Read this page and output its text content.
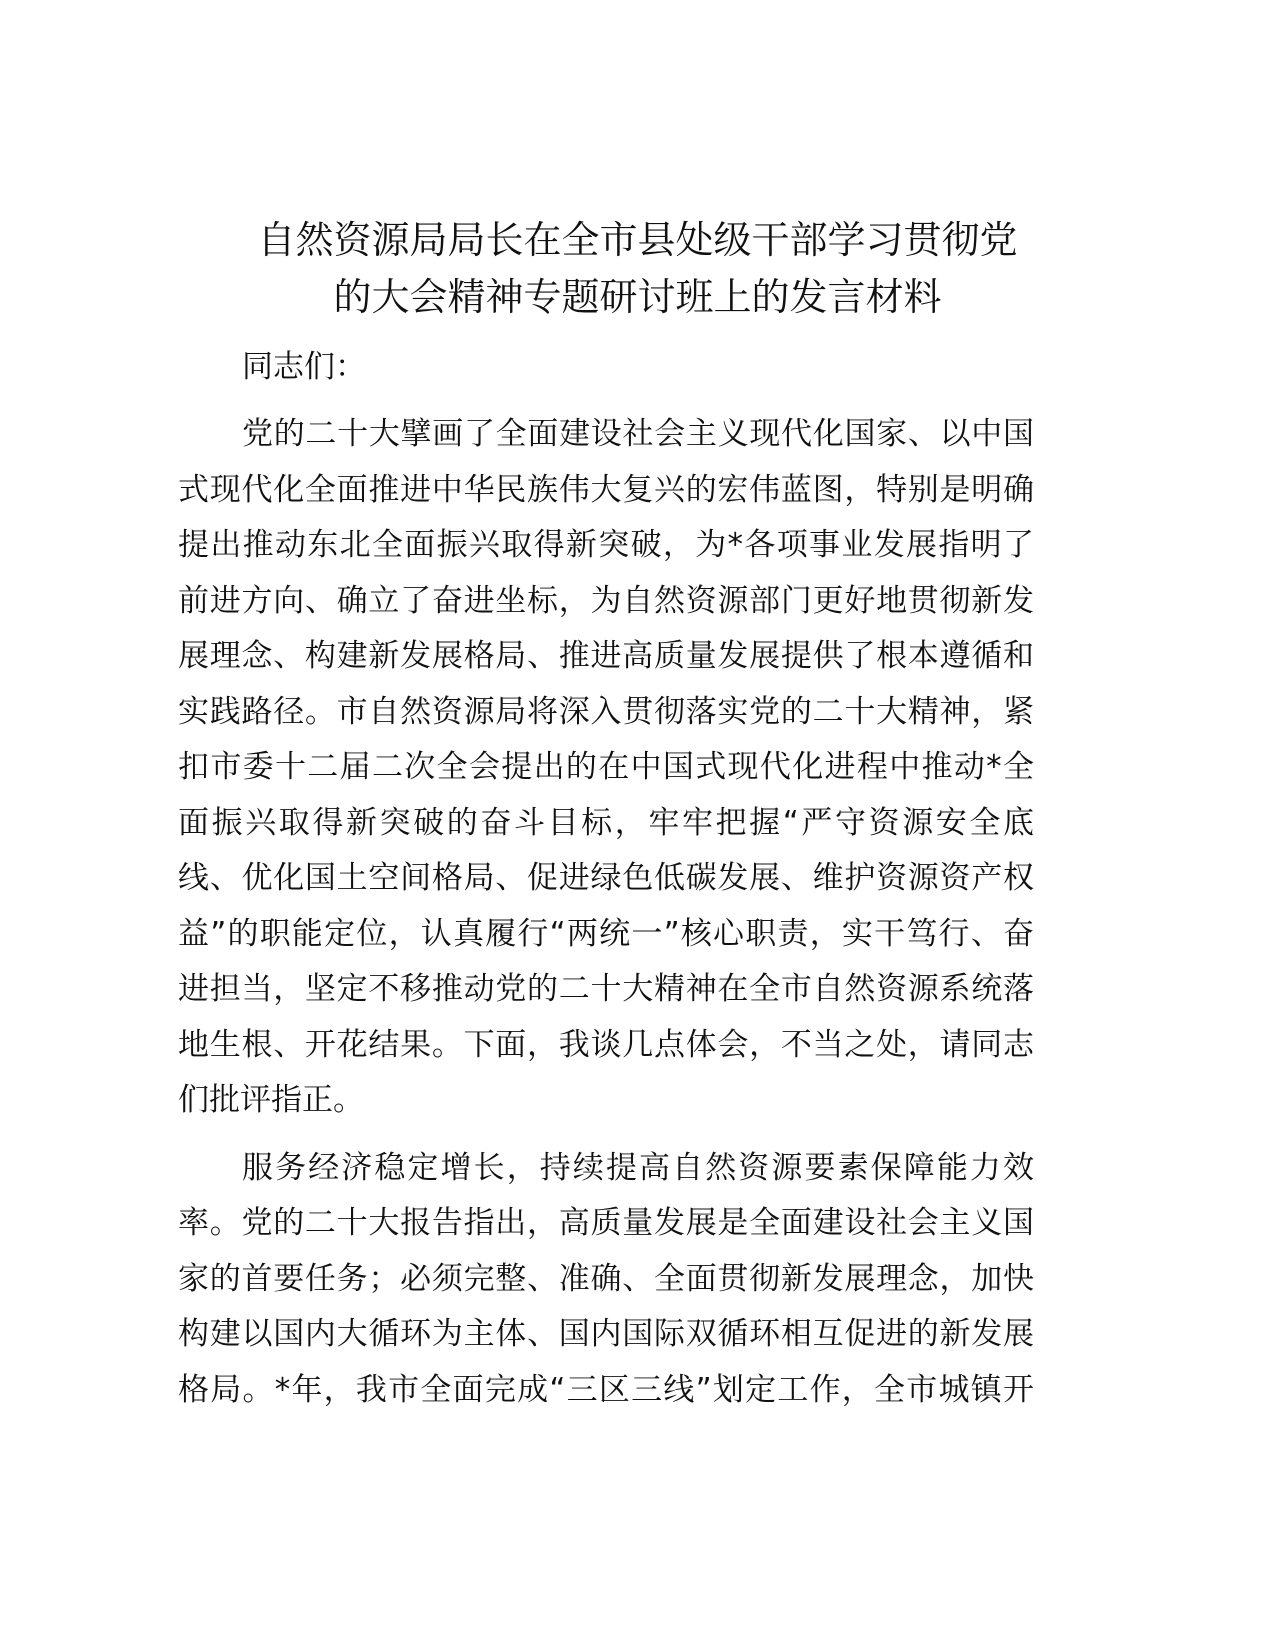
自然资源局局长在全市县处级干部学习贯彻党
的大会精神专题研讨班上的发言材料
同志们：
党的二十大擘画了全面建设社会主义现代化国家、以中国
式现代化全面推进中华民族伟大复兴的宏伟蓝图，特别是明确
提出推动东北全面振兴取得新突破，为*各项事业发展指明了
前进方向、确立了奋进坐标，为自然资源部门更好地贯彻新发
展理念、构建新发展格局、推进高质量发展提供了根本遵循和
实践路径。市自然资源局将深入贯彻落实党的二十大精神，紧
扣市委十二届二次全会提出的在中国式现代化进程中推动*全
面振兴取得新突破的奋斗目标，牢牢把握“严守资源安全底
线、优化国土空间格局、促进绿色低碳发展、维护资源资产权
益”的职能定位，认真履行“两统一”核心职责，实干笃行、奋
进担当，坚定不移推动党的二十大精神在全市自然资源系统落
地生根、开花结果。下面，我谈几点体会，不当之处，请同志
们批评指正。
服务经济稳定增长，持续提高自然资源要素保障能力效
率。党的二十大报告指出，高质量发展是全面建设社会主义国
家的首要任务；必须完整、准确、全面贯彻新发展理念，加快
构建以国内大循环为主体、国内国际双循环相互促进的新发展
格局。*年，我市全面完成“三区三线”划定工作，全市城镇开
